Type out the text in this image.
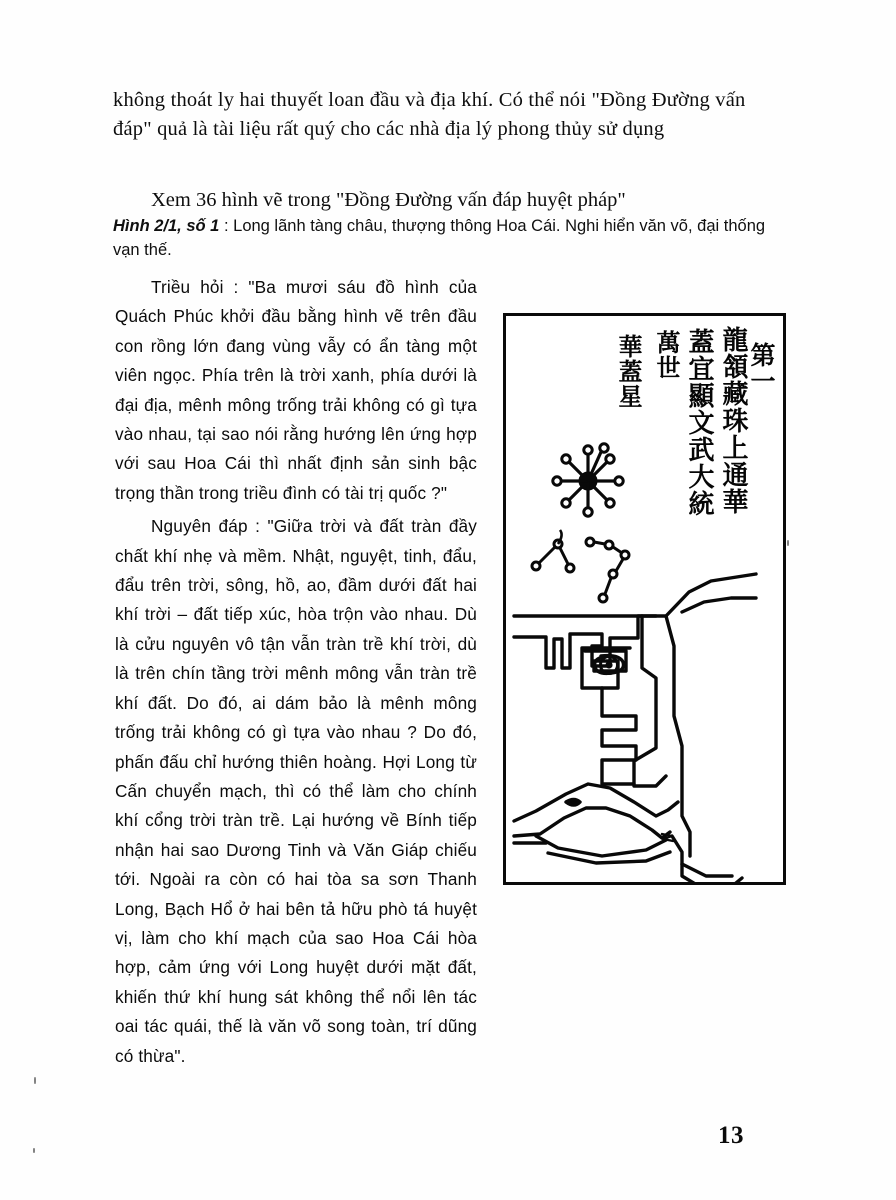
không thoát ly hai thuyết loan đầu và địa khí. Có thể nói "Đồng Đường vấn đáp" quả là tài liệu rất quý cho các nhà địa lý phong thủy sử dụng
Xem 36 hình vẽ trong "Đồng Đường vấn đáp huyệt pháp"
Hình 2/1, số 1 : Long lãnh tàng châu, thượng thông Hoa Cái. Nghi hiển văn võ, đại thống vạn thế.

Triều hỏi : "Ba mươi sáu đồ hình của Quách Phúc khởi đầu bằng hình vẽ trên đầu con rồng lớn đang vùng vẫy có ẩn tàng một viên ngọc. Phía trên là trời xanh, phía dưới là đại địa, mênh mông trống trải không có gì tựa vào nhau, tại sao nói rằng hướng lên ứng hợp với sau Hoa Cái thì nhất định sản sinh bậc trọng thần trong triều đình có tài trị quốc ?"

Nguyên đáp : "Giữa trời và đất tràn đầy chất khí nhẹ và mềm. Nhật, nguyệt, tinh, đẩu, đẩu trên trời, sông, hồ, ao, đầm dưới đất hai khí trời – đất tiếp xúc, hòa trộn vào nhau. Dù là cửu nguyên vô tận vẫn tràn trề khí trời, dù là trên chín tầng trời mênh mông vẫn tràn trề khí đất. Do đó, ai dám bảo là mênh mông trống trải không có gì tựa vào nhau ? Do đó, phấn đấu chỉ hướng thiên hoàng. Hợi Long từ Cấn chuyển mạch, thì có thể làm cho chính khí cổng trời tràn trề. Lại hướng về Bính tiếp nhận hai sao Dương Tinh và Văn Giáp chiếu tới. Ngoài ra còn có hai tòa sa sơn Thanh Long, Bạch Hổ ở hai bên tả hữu phò tá huyệt vị, làm cho khí mạch của sao Hoa Cái hòa hợp, cảm ứng với Long huyệt dưới mặt đất, khiến thứ khí hung sát không thể nổi lên tác oai tác quái, thế là văn võ song toàn, trí dũng có thừa".

第一
龍頷藏珠上通華
蓋宜顯文武大統
萬世
華蓋星
13
